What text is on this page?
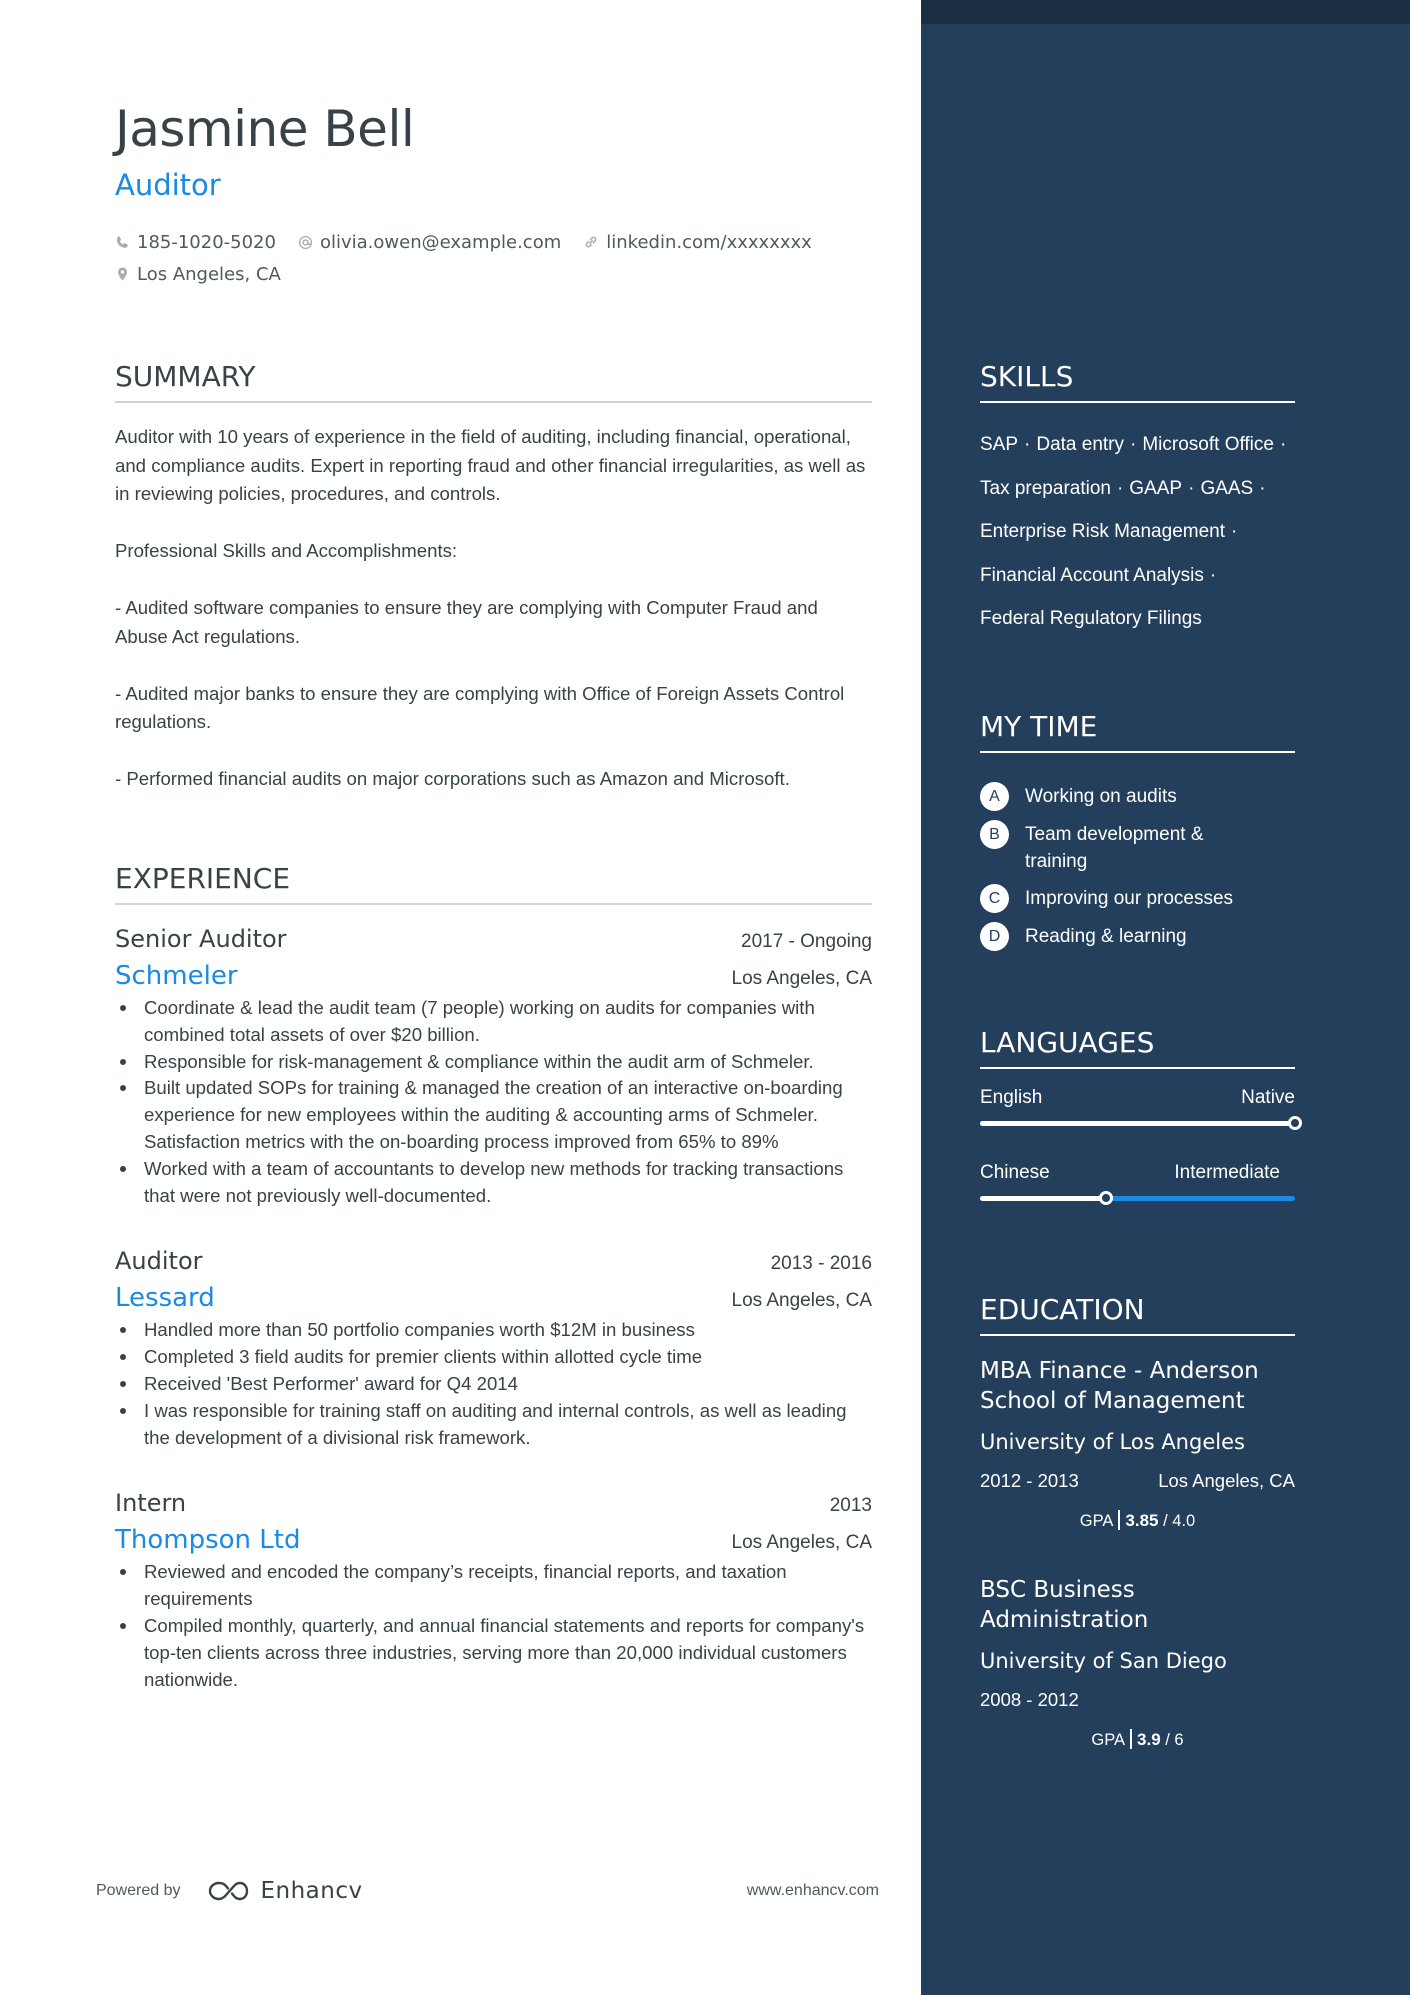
Jasmine Bell
Auditor
185-1020-5020 olivia.owen@example.com	linkedin.com/xxxxxxxx
Los Angeles, CA
SUMMARY
Auditor with 10 years of experience in the field of auditing, including financial, operational, and compliance audits. Expert in reporting fraud and other financial irregularities, as well as in reviewing policies, procedures, and controls.

Professional Skills and Accomplishments:

- Audited software companies to ensure they are complying with Computer Fraud and Abuse Act regulations.

- Audited major banks to ensure they are complying with Office of Foreign Assets Control regulations.

- Performed financial audits on major corporations such as Amazon and Microsoft.
EXPERIENCE
Senior Auditor	2017 - Ongoing
Schmeler	Los Angeles, CA
Coordinate & lead the audit team (7 people) working on audits for companies with combined total assets of over $20 billion.
Responsible for risk-management & compliance within the audit arm of Schmeler.
Built updated SOPs for training & managed the creation of an interactive on-boarding experience for new employees within the auditing & accounting arms of Schmeler. Satisfaction metrics with the on-boarding process improved from 65% to 89%
Worked with a team of accountants to develop new methods for tracking transactions that were not previously well-documented.
Auditor	2013 - 2016
Lessard	Los Angeles, CA
Handled more than 50 portfolio companies worth $12M in business
Completed 3 field audits for premier clients within allotted cycle time
Received 'Best Performer' award for Q4 2014
I was responsible for training staff on auditing and internal controls, as well as leading the development of a divisional risk framework.
Intern	2013
Thompson Ltd	Los Angeles, CA
Reviewed and encoded the company’s receipts, financial reports, and taxation requirements
Compiled monthly, quarterly, and annual financial statements and reports for company's top-ten clients across three industries, serving more than 20,000 individual customers nationwide.
Powered by	Enhancv	www.enhancv.com
SKILLS
SAP · Data entry · Microsoft Office ·
Tax preparation · GAAP · GAAS ·
Enterprise Risk Management ·
Financial Account Analysis ·
Federal Regulatory Filings
MY TIME
A	Working on audits
B	Team development & training
C	Improving our processes
D	Reading & learning
LANGUAGES
English	Native
Chinese	Intermediate
EDUCATION
MBA Finance - Anderson School of Management
University of Los Angeles
2012 - 2013	Los Angeles, CA
GPA 3.85 / 4.0
BSC Business Administration
University of San Diego
2008 - 2012
GPA 3.9 / 6
